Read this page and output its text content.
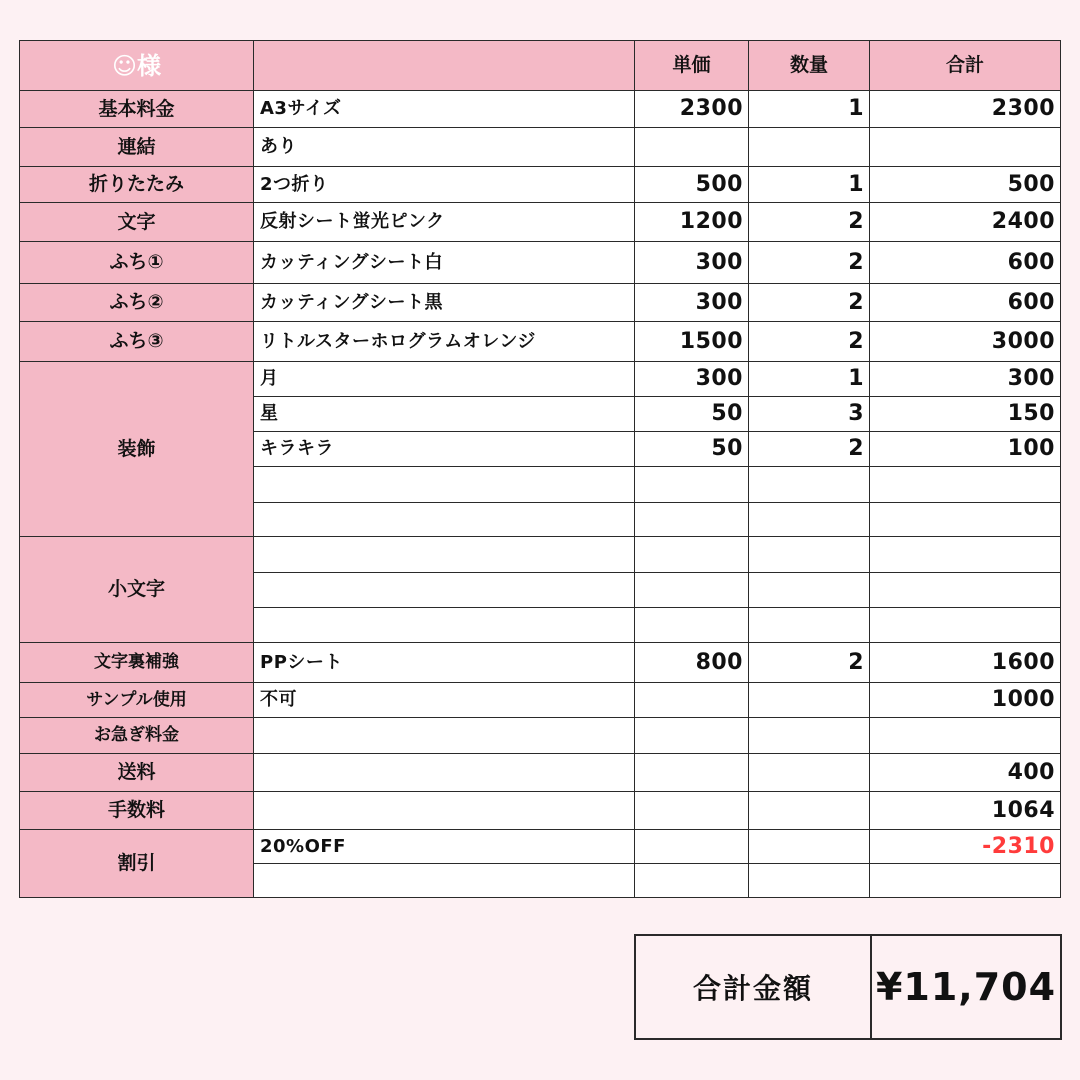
☺様		単価	数量	合計
基本料金	A3サイズ	2300	1	2300
連結	あり			
折りたたみ	2つ折り	500	1	500
文字	反射シート蛍光ピンク	1200	2	2400
ふち①	カッティングシート白	300	2	600
ふち②	カッティングシート黒	300	2	600
ふち③	リトルスターホログラムオレンジ	1500	2	3000
装飾	月	300	1	300
	星	50	3	150
	キラキラ	50	2	100

小文字				

文字裏補強	PPシート	800	2	1600
サンプル使用	不可			1000
お急ぎ料金				
送料				400
手数料				1064
割引	20%OFF			-2310

合計金額	¥11,704
